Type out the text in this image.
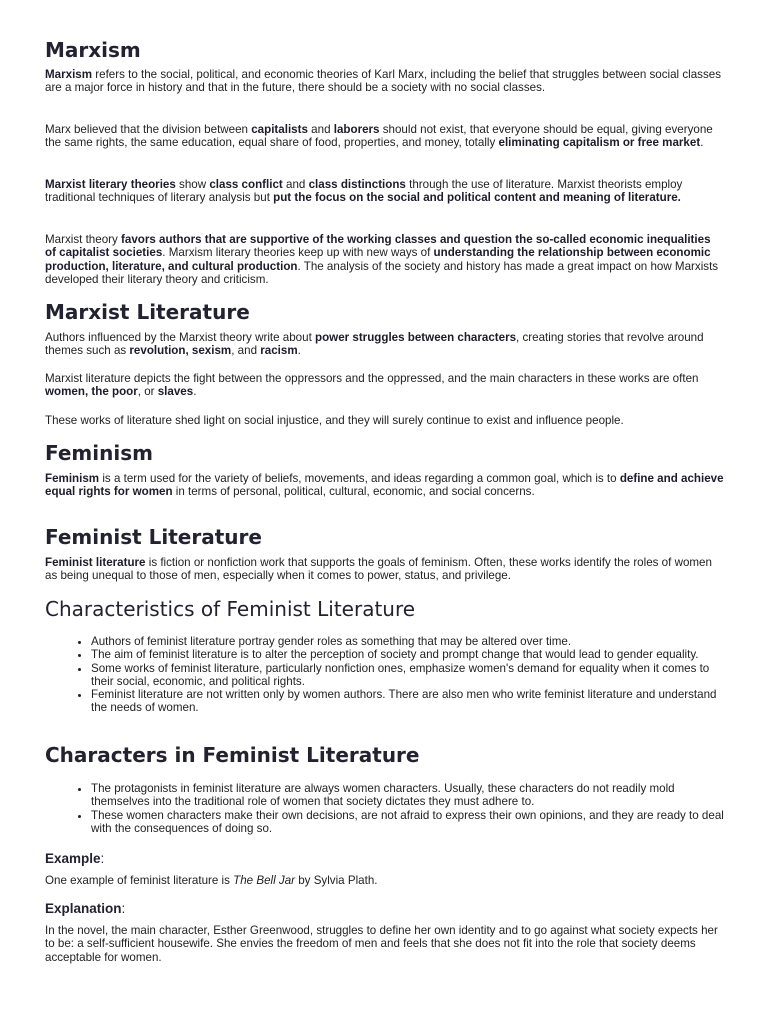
Marxism

Marxism refers to the social, political, and economic theories of Karl Marx, including the belief that struggles between social classes are a major force in history and that in the future, there should be a society with no social classes.

Marx believed that the division between capitalists and laborers should not exist, that everyone should be equal, giving everyone the same rights, the same education, equal share of food, properties, and money, totally eliminating capitalism or free market.

Marxist literary theories show class conflict and class distinctions through the use of literature. Marxist theorists employ traditional techniques of literary analysis but put the focus on the social and political content and meaning of literature.

Marxist theory favors authors that are supportive of the working classes and question the so-called economic inequalities of capitalist societies. Marxism literary theories keep up with new ways of understanding the relationship between economic production, literature, and cultural production. The analysis of the society and history has made a great impact on how Marxists developed their literary theory and criticism.

Marxist Literature

Authors influenced by the Marxist theory write about power struggles between characters, creating stories that revolve around themes such as revolution, sexism, and racism.

Marxist literature depicts the fight between the oppressors and the oppressed, and the main characters in these works are often women, the poor, or slaves.

These works of literature shed light on social injustice, and they will surely continue to exist and influence people.

Feminism

Feminism is a term used for the variety of beliefs, movements, and ideas regarding a common goal, which is to define and achieve equal rights for women in terms of personal, political, cultural, economic, and social concerns.

Feminist Literature

Feminist literature is fiction or nonfiction work that supports the goals of feminism. Often, these works identify the roles of women as being unequal to those of men, especially when it comes to power, status, and privilege.

Characteristics of Feminist Literature
• Authors of feminist literature portray gender roles as something that may be altered over time.
• The aim of feminist literature is to alter the perception of society and prompt change that would lead to gender equality.
• Some works of feminist literature, particularly nonfiction ones, emphasize women's demand for equality when it comes to their social, economic, and political rights.
• Feminist literature are not written only by women authors. There are also men who write feminist literature and understand the needs of women.
Characters in Feminist Literature
• The protagonists in feminist literature are always women characters. Usually, these characters do not readily mold themselves into the traditional role of women that society dictates they must adhere to.
• These women characters make their own decisions, are not afraid to express their own opinions, and they are ready to deal with the consequences of doing so.
Example:

One example of feminist literature is The Bell Jar by Sylvia Plath.

Explanation:

In the novel, the main character, Esther Greenwood, struggles to define her own identity and to go against what society expects her to be: a self-sufficient housewife. She envies the freedom of men and feels that she does not fit into the role that society deems acceptable for women.
